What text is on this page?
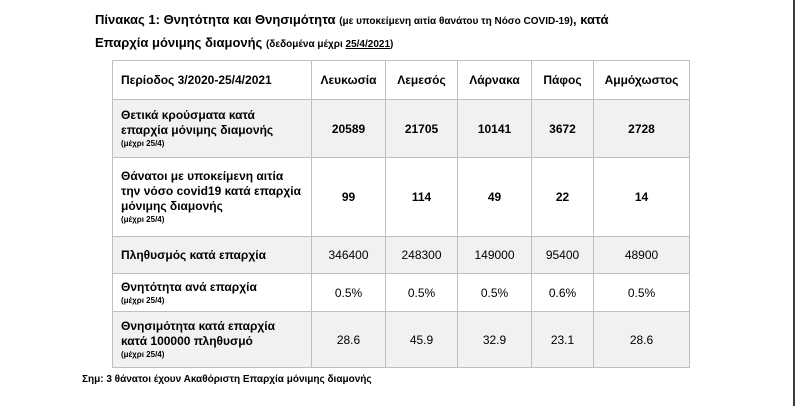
Πίνακας 1: Θνητότητα και Θνησιμότητα (με υποκείμενη αιτία θανάτου τη Νόσο COVID-19), κατά
Επαρχία μόνιμης διαμονής (δεδομένα μέχρι 25/4/2021)
Περίοδος 3/2020-25/4/2021	Λευκωσία	Λεμεσός	Λάρνακα	Πάφος	Αμμόχωστος

Θετικά κρούσματα κατά επαρχία μόνιμης διαμονής
(μέχρι 25/4)	20589	21705	10141	3672	2728

Θάνατοι με υποκείμενη αιτία την νόσο covid19 κατά επαρχία μόνιμης διαμονής
(μέχρι 25/4)	99	114	49	22	14

Πληθυσμός κατά επαρχία	346400	248300	149000	95400	48900

Θνητότητα ανά επαρχία
(μέχρι 25/4)	0.5%	0.5%	0.5%	0.6%	0.5%

Θνησιμότητα κατά επαρχία κατά 100000 πληθυσμό
(μέχρι 25/4)	28.6	45.9	32.9	23.1	28.6
Σημ: 3 θάνατοι έχουν Ακαθόριστη Επαρχία μόνιμης διαμονής
